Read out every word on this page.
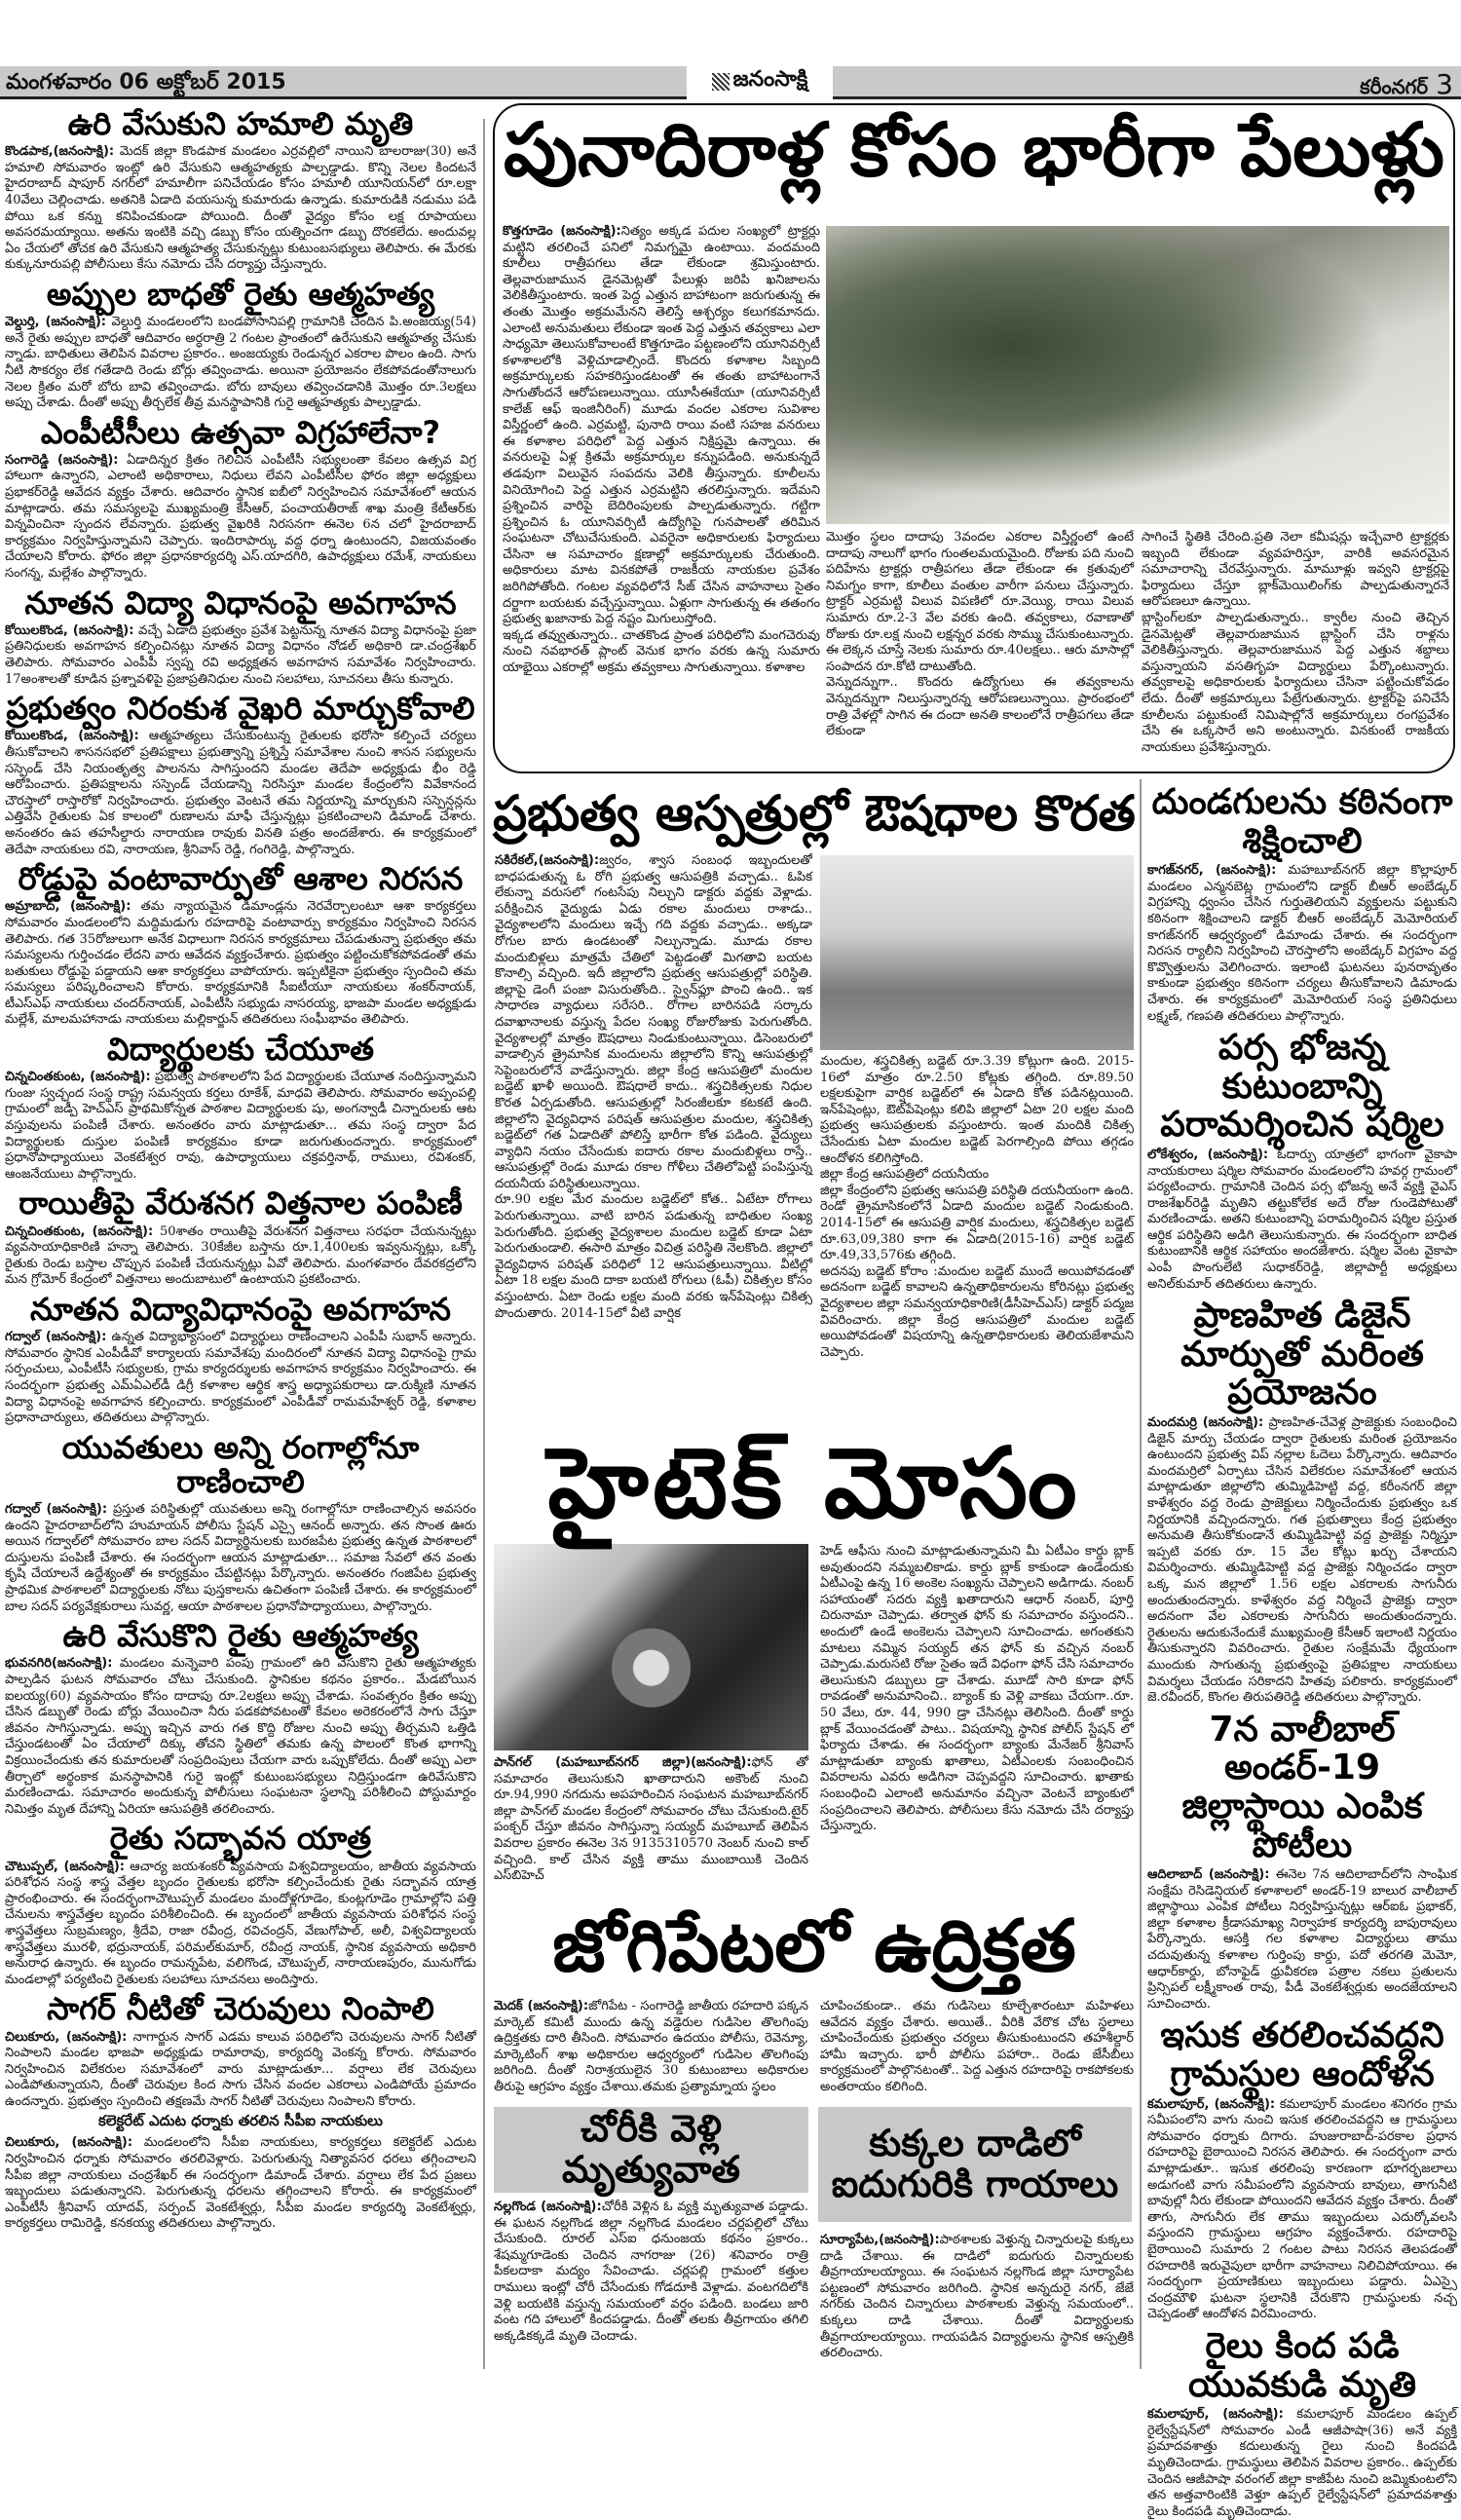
మంగళవారం 06 అక్టోబర్ 2015	జనంసాక్షి	కరీంనగర్ 3
ఉరి వేసుకుని హమాలి మృతి
కొండపాక,(జనంసాక్షి): మెదక్ జిల్లా కొండపాక మండలం ఎర్రవల్లిలో నాయిని బాలరాజు(30) అనే హమాలి సోమవారం ఇంట్లో ఉరి వేసుకుని ఆత్మహత్యకు పాల్పడ్డాడు. కొన్ని నెలల కిందటనే హైదరాబాద్ షాపూర్ నగర్‌లో హమాలీగా పనిచేయడం కోసం హమాలీ యూనియన్‌లో రూ.లక్షా 40వేలు చెల్లించాడు. అతనికి ఏడాది వయసున్న కుమారుడు ఉన్నాడు. కుమారుడికి నడుము పడి పోయి ఒక కన్ను కనిపించకుండా పోయింది. దీంతో వైద్యం కోసం లక్ష రూపాయలు అవసరమయ్యాయి. అతను ఇంటికి వచ్చి డబ్బు కోసం యత్నించగా డబ్బు దొరకలేదు. అందువల్ల ఏం చేయలో తోచక ఉరి వేసుకుని ఆత్మహత్య చేసుకున్నట్లు కుటుంబసభ్యులు తెలిపారు. ఈ మేరకు కుక్కునూరుపల్లి పోలీసులు కేసు నమోదు చేసి దర్యాప్తు చేస్తున్నారు.
అప్పుల బాధతో రైతు ఆత్మహత్య
వెల్దుర్తి, (జనంసాక్షి): వెల్దుర్తి మండలంలోని బండపోసానిపల్లి గ్రామానికి చెందిన పి.అంజయ్య(54) అనే రైతు అప్పుల బాధతో ఆదివారం అర్ధరాత్రి 2 గంటల ప్రాంతంలో ఉరేసుకుని ఆత్మహత్య చేసుకు న్నాడు. బాధితులు తెలిపిన వివరాల ప్రకారం.. అంజయ్యకు రెండున్నర ఎకరాల పొలం ఉంది. సాగు నీటి సౌకర్యం లేక గతేడాది రెండు బోర్లు తవ్వించాడు. అయినా ప్రయోజనం లేకపోవడంతోనాలుగు నెలల క్రితం మరో బోరు బావి తవ్వించాడు. బోరు బావులు తవ్వించడానికి మొత్తం రూ.3లక్షలు అప్పు చేశాడు. దీంతో అప్పు తీర్చలేక తీవ్ర మనస్థాపానికి గురై ఆత్మహత్యకు పాల్పడ్డాడు.
ఎంపీటీసీలు ఉత్సవా విగ్రహాలేనా?
సంగారెడ్డి (జనంసాక్షి): ఏడాదిన్నర క్రితం గెలిచిన ఎంపీటీసీ సభ్యులంతా కేవలం ఉత్సవ విగ్ర హాలుగా ఉన్నారని, ఎలాంటి అధికారాలు, నిధులు లేవని ఎంపీటీసీల ఫోరం జిల్లా అధ్యక్షులు ప్రభాకర్‌రెడ్డి ఆవేదన వ్యక్తం చేశారు. ఆదివారం స్థానిక ఐబీలో నిర్వహించిన సమావేశంలో ఆయన మాట్లాడారు. తమ సమస్యలపై ముఖ్యమంత్రి కేసీఆర్, పంచాయతీరాజ్ శాఖ మంత్రి కేటీఆర్‌కు విన్నవించినా స్పందన లేవన్నారు. ప్రభుత్వ వైఖరికి నిరసనగా ఈనెల 6న చలో హైదరాబాద్ కార్యక్రమం నిర్వహిస్తున్నామని చెప్పారు. ఇందిరాపార్కు వద్ద ధర్నా ఉంటుందని, విజయవంతం చేయాలని కోరారు. ఫోరం జిల్లా ప్రధానకార్యదర్శి ఎస్.యాదగిరి, ఉపాధ్యక్షులు రమేశ్, నాయకులు సంగన్న, మల్లేశం పాల్గొన్నారు.
నూతన విద్యా విధానంపై అవగాహన
కోయిలకొండ, (జనంసాక్షి): వచ్చే ఏడాది ప్రభుత్వం ప్రవేశ పెట్టనున్న నూతన విద్యా విధానంపై ప్రజా ప్రతినిధులకు అవగాహన కల్పించినట్లు నూతన విద్యా విధానం నోడల్ అధికారి డా.చంద్రశేఖర్ తెలిపారు. సోమవారం ఎంపీపీ స్వప్న రవి అధ్యక్షతన అవగాహన సమావేశం నిర్వహించారు. 17అంశాలతో కూడిన ప్రశ్నావళిపై ప్రజాప్రతినిధుల నుంచి సలహాలు, సూచనలు తీసు కున్నారు.
ప్రభుత్వం నిరంకుశ వైఖరి మార్చుకోవాలి
కోయిలకొండ, (జనంసాక్షి): ఆత్మహత్యలు చేసుకుంటున్న రైతులకు భరోసా కల్పించే చర్యలు తీసుకోవాలని శాసనసభలో ప్రతిపక్షాలు ప్రభుత్వాన్ని ప్రశ్నిస్తే సమావేశాల నుంచి శాసన సభ్యులను సస్పెండ్ చేసి నియంతృత్వ పాలనను సాగిస్తుందని మండల తెదేపా అధ్యక్షుడు భీం రెడ్డి ఆరోపించారు. ప్రతిపక్షాలను సస్పెండ్ చేయడాన్ని నిరసిస్తూ మండల కేంద్రంలోని వివేకానంద చౌరస్తాలో రాస్తారోకో నిర్వహించారు. ప్రభుత్వం వెంటనే తమ నిర్ణయాన్ని మార్చుకుని సస్పెన్షన్లను ఎత్తివేసి రైతులకు ఏక కాలంలో రుణాలను మాఫీ చేస్తున్నట్లు ప్రకటించాలని డిమాండ్ చేశారు. అనంతరం ఉప తహసీల్దారు నారాయణ రావుకు వినతి పత్రం అందజేశారు. ఈ కార్యక్రమంలో తెదేపా నాయకులు రవి, నారాయణ, శ్రీనివాస్ రెడ్డి, గంగిరెడ్డి, పాల్గొన్నారు.
రోడ్డుపై వంటావార్పుతో ఆశాల నిరసన
అమ్రాబాద్, (జనంసాక్షి): తమ న్యాయమైన డిమాండ్లను నెరవేర్చాలంటూ ఆశా కార్యకర్తలు సోమవారం మండలంలోని మద్దిమడుగు రహదారిపై వంటావార్పు కార్యక్రమం నిర్వహించి నిరసన తెలిపారు. గత 35రోజులుగా అనేక విధాలుగా నిరసన కార్యక్రమాలు చేపడుతున్నా ప్రభుత్వం తమ సమస్యలను గుర్తించడం లేదని వారు ఆవేదన వ్యక్తంచేశారు. ప్రభుత్వం పట్టించుకోకపోవడంతో తమ బతుకులు రోడ్డుపై పడ్డాయని ఆశా కార్యకర్తలు వాపోయారు. ఇప్పటికైనా ప్రభుత్వం స్పందించి తమ సమస్యలు పరిష్కరించాలని కోరారు. కార్యక్రమానికి సీఐటీయూ నాయకులు శంకర్‌నాయక్, టీఎస్‌ఎఫ్ నాయకులు చందర్‌నాయక్, ఎంపీటీసి సభ్యుడు నాసరయ్య, భాజపా మండల అధ్యక్షుడు మల్లేశ్, మాలమహానాడు నాయకులు మల్లికార్జున్ తదితరులు సంఘీభావం తెలిపారు.
విద్యార్థులకు చేయూత
చిన్నచింతకుంట, (జనంసాక్షి): ప్రభుత్వ పాఠశాలలోని పేద విద్యార్థులకు చేయూత నందిస్తున్నామని గుంజు స్వచ్ఛంద సంస్థ రాష్ట్ర సమన్వయ కర్తలు రూకేశ్, మాధవి తెలిపారు. సోమవారం అప్పంపల్లి గ్రామంలో జడ్పీ హెచ్‌ఎస్ ప్రాథమికోన్నత పాఠశాల విద్యార్థులకు షు, అంగన్వాడీ చిన్నారులకు ఆట వస్తువులను పంపిణీ చేశారు. అనంతరం వారు మాట్లాడుతూ... తమ సంస్థ ద్వారా పేద విద్యార్థులకు దుస్తుల పంపిణీ కార్యక్రమం కూడా జరుగుతుందన్నారు. కార్యక్రమంలో ప్రధానోపాధ్యాయులు వెంకటేశ్వర రావు, ఉపాధ్యాయులు చక్రవర్తినాథ్, రాములు, రవిశంకర్, ఆంజనేయులు పాల్గొన్నారు.
రాయితీపై వేరుశనగ విత్తనాల పంపిణీ
చిన్నచింతకుంట, (జనంసాక్షి): 50శాతం రాయితీపై వేరుశనగ విత్తనాలు సరఫరా చేయనున్నట్లు వ్యవసాయాధికారిణి హన్నా తెలిపారు. 30కేజీల బస్తాను రూ.1,400లకు ఇవ్వనున్నట్లు, ఒక్కో రైతుకు రెండు బస్తాల చొప్పున పంపిణీ చేయనున్నట్లు ఏవో తెలిపారు. మంగళవారం దేవరకద్రలోని మన గ్రోమోర్ కేంద్రంలో విత్తనాలు అందుబాటులో ఉంటాయని ప్రకటించారు.
నూతన విద్యావిధానంపై అవగాహన
గద్వాల్ (జనంసాక్షి): ఉన్నత విద్యాభ్యాసంలో విద్యార్థులు రాణించాలని ఎంపీపీ సుభాన్ అన్నారు. సోమవారం స్థానిక ఎంపీడీవో కార్యాలయ సమావేశపు మందిరంలో నూతన విద్యా విధానంపై గ్రామ సర్పంచులు, ఎంపీటీసీ సభ్యులకు, గ్రామ కార్యదర్శులకు అవగాహన కార్యక్రమం నిర్వహించారు. ఈ సందర్భంగా ప్రభుత్వ ఎమ్‌ఏఎల్‌డీ డిగ్రీ కళాశాల ఆర్థిక శాస్త్ర అధ్యాపకురాలు డా.రుక్మిణి నూతన విద్యా విధానంపై అవగాహన కల్పించారు. కార్యక్రమంలో ఎంపీడీవో రామమహేశ్వర్ రెడ్డి, కళాశాల ప్రధానాచార్యులు, తదితరులు పాల్గొన్నారు.
యువతులు అన్ని రంగాల్లోనూ రాణించాలి
గద్వాల్ (జనంసాక్షి): ప్రస్తుత పరిస్థితుల్లో యువతులు అన్ని రంగాల్లోనూ రాణించాల్సిన అవసరం ఉందని హైదరాబాద్‌లోని హుమాయన్ పోలీసు స్టేషన్ ఎస్సై ఆనంద్ అన్నారు. తన సొంత ఊరు అయిన గద్వాల్‌లో సోమవారం బాల సదన్ విద్యార్థినులకు బురజపేట ప్రభుత్వ ఉన్నత పాఠశాలలో దుస్తులను పంపిణీ చేశారు. ఈ సందర్భంగా ఆయన మాట్లాడుతూ... సమాజ సేవలో తన వంతు కృషి చేయాలనే ఉద్దేశ్యంతో ఈ కార్యక్రమం చేపట్టినట్లు పేర్కొన్నారు. అనంతరం గంజిపేట ప్రభుత్వ ప్రాథమిక పాఠశాలలో విద్యార్థులకు నోటు పుస్తకాలను ఉచితంగా పంపిణీ చేశారు. ఈ కార్యక్రమంలో బాల సదన్ పర్యవేక్షకురాలు సువర్ణ, ఆయా పాఠశాలల ప్రధానోపాధ్యాయులు, పాల్గొన్నారు.
ఉరి వేసుకొని రైతు ఆత్మహత్య
భువనగిరి(జనంసాక్షి): మండలం మన్నెవారి పంపు గ్రామంలో ఉరి వేసుకొని రైతు ఆత్మహత్యకు పాల్పడిన ఘటన సోమవారం చోటు చేసుకుంది. స్థానికుల కథనం ప్రకారం.. మేడబోయిన ఐలయ్య(60) వ్యవసాయం కోసం దాదాపు రూ.2లక్షలు అప్పు చేశాడు. సంవత్సరం క్రితం అప్పు చేసిన డబ్బుతో రెండు బోర్లు వేయించినా నీరు పడకపోవటంతో కేవలం అరెకరంలోనే సాగు చేస్తూ జీవనం సాగిస్తున్నాడు. అప్పు ఇచ్చిన వారు గత కొద్ది రోజుల నుంచి అప్పు తీర్చమని ఒత్తిడి చేస్తుండటంతో ఏం చేయాలో దిక్కు తోచని స్థితిలో తమకు ఉన్న పొలంలో కొంత భాగాన్ని విక్రయించేందుకు తన కుమారులతో సంప్రదింపులు చేయగా వారు ఒప్పుకోలేదు. దీంతో అప్పు ఎలా తీర్చాలో అర్థంకాక మనస్థాపానికి గురై ఇంట్లో కుటుంబసభ్యులు నిద్రిస్తుండగా ఉరివేసుకొని మరణించాడు. సమాచారం అందుకున్న పోలీసులు సంఘటనా స్థలాన్ని పరిశీలించి పోస్టుమార్టం నిమిత్తం మృత దేహాన్ని ఏరియా ఆసుపత్రికి తరలించారు.
రైతు సద్భావన యాత్ర
చౌటుప్పల్, (జనంసాక్షి): ఆచార్య జయశంకర్ వ్యవసాయ విశ్వవిద్యాలయం, జాతీయ వ్యవసాయ పరిశోధన సంస్థ శాస్త్ర వేత్తల బృందం రైతులకు భరోసా కల్పించేందుకు రైతు సద్భావన యాత్ర ప్రారంభించారు. ఈ సందర్భంగాచౌటుప్పల్ మండలం మందోళ్లగూడెం, కుంట్లగూడెం గ్రామాల్లోని పత్తి చేనులను శాస్త్రవేత్తల బృందం పరిశీలించింది. ఈ బృందంలో జాతీయ వ్యవసాయ పరిశోధన సంస్థ శాస్త్రవేత్తలు సుబ్రమణ్యం, శ్రీదేవి, రాజా రవీంద్ర, రవిచంద్రన్, వేణుగోపాల్, అలీ, విశ్వవిద్యాలయ శాస్త్రవేత్తలు మురళీ, భద్రునాయక్, పరిమల్‌కుమార్, రవీంద్ర నాయక్, స్థానిక వ్యవసాయ అధికారి అనురాధ ఉన్నారు. ఈ బృందం రామన్నపేట, వలిగొండ, చౌటుప్పల్, నారాయణపురం, మునుగోడు మండలాల్లో పర్యటించి రైతులకు సలహాలు సూచనలు అందిస్తారు.
సాగర్ నీటితో చెరువులు నింపాలి
చిలుకూరు, (జనంసాక్షి): నాగార్జున సాగర్ ఎడమ కాలువ పరిధిలోని చెరువులను సాగర్ నీటితో నింపాలని మండల భాజపా అధ్యక్షుడు రామారావు, కార్యదర్శి వెంకన్న కోరారు. సోమవారం నిర్వహించిన విలేకరుల సమావేశంలో వారు మాట్లాడుతూ... వర్షాలు లేక చెరువులు ఎండిపోతున్నాయని, దీంతో చెరువుల కింద సాగు చేసిన వందల ఎకరాలు ఎండిపోయే ప్రమాదం ఉందన్నారు. ప్రభుత్వం స్పందించి తక్షణమే సాగర్ నీటితో చెరువులు నింపాలని కోరారు.
కలెక్టరేట్ ఎదుట ధర్నాకు తరలిన సీపీఐ నాయకులు
చిలుకూరు, (జనంసాక్షి): మండలంలోని సీపీఐ నాయకులు, కార్యకర్తలు కలెక్టరేట్ ఎదుట నిర్వహించిన ధర్నాకు సోమవారం తరలివెళ్లారు. పెరుగుతున్న నిత్యావసర ధరలు తగ్గించాలని సీపీఐ జిల్లా నాయకులు చంద్రశేఖర్ ఈ సందర్భంగా డిమాండ్ చేశారు. వర్షాలు లేక పేద ప్రజలు ఇబ్బందులు పడుతున్నారని. పెరుగుతున్న ధరలను తగ్గించాలని కోరారు. ఈ కార్యక్రమంలో ఎంపీటీసీ శ్రీనివాస్ యాదవ్, సర్పంచ్ వెంకటేశ్వర్లు, సీపీఐ మండల కార్యదర్శి వెంకటేశ్వర్లు, కార్యకర్తలు రామిరెడ్డి, కనకయ్య తదితరులు పాల్గొన్నారు.
పునాదిరాళ్ల కోసం భారీగా పేలుళ్లు
కొత్తగూడెం (జనంసాక్షి):నిత్యం అక్కడ పదుల సంఖ్యలో ట్రాక్టర్లు మట్టిని తరలించే పనిలో నిమగ్నమై ఉంటాయి. వందమంది కూలీలు రాత్రీపగలు తేడా లేకుండా శ్రమిస్తుంటారు. తెల్లవారుజామున డైనమెట్లతో పేలుళ్లు జరిపి ఖనిజాలను వెలికితీస్తుంటారు. ఇంత పెద్ద ఎత్తున బాహాటంగా జరుగుతున్న ఈ తంతు మొత్తం అక్రమమేనని తెలిస్తే ఆశ్చర్యం కలుగకమానదు. ఎలాంటి అనుమతులు లేకుండా ఇంత పెద్ద ఎత్తున తవ్వకాలు ఎలా సాధ్యమో తెలుసుకోవాలంటే కొత్తగూడెం పట్టణంలోని యూనివర్సిటీ కళాశాలలోకి వెళ్లిచూడాల్సిందే. కొందరు కళాశాల సిబ్బంది అక్రమార్కులకు సహకరిస్తుండటంతో ఈ తంతు బాహాటంగానే సాగుతోందనే ఆరోపణలున్నాయి. యూసీఈకేయూ (యూనివర్సిటీ కాలేజ్ ఆఫ్ ఇంజినీరింగ్) మూడు వందల ఎకరాల సువిశాల విస్తీర్ణంలో ఉంది. ఎర్రమట్టి, పునాది రాయి వంటి సహజ వనరులు ఈ కళాశాల పరిధిలో పెద్ద ఎత్తున నిక్షిప్తమై ఉన్నాయి. ఈ వనరులపై ఏళ్ల క్రితమే అక్రమార్కుల కన్నుపడింది. అనుకున్నదే తడవుగా విలువైన సంపదను వెలికి తీస్తున్నారు. కూలీలను వినియోగించి పెద్ద ఎత్తున ఎర్రమట్టిని తరలిస్తున్నారు. ఇదేమని ప్రశ్నించిన వారిపై బెదిరింపులకు పాల్పడుతున్నారు. గట్టిగా ప్రశ్నించిన ఓ యూనివర్సిటీ ఉద్యోగిపై గునపాలతో తరిమిన సంఘటనా చోటుచేసుకుంది. ఎవరైనా అధికారులకు ఫిర్యాదులు చేసినా ఆ సమాచారం క్షణాల్లో అక్రమార్కులకు చేరుతుంది. అధికారులు మాట వినకపోతే రాజకీయ నాయకుల ప్రవేశం జరిగిపోతోంది. గంటల వ్యవధిలోనే సీజ్ చేసిన వాహనాలు సైతం దర్జాగా బయటకు వచ్చేస్తున్నాయి. ఏళ్లుగా సాగుతున్న ఈ తతంగం ప్రభుత్వ ఖజానాకు పెద్ద నష్టం మిగులుస్తోంది.
ఇక్కడ తవ్వుతున్నారు.. చాతకొండ ప్రాంత పరిధిలోని మంగచెరువు నుంచి నవభారత్ ప్లాంట్ వెనుక భాగం వరకు ఉన్న సుమారు యాభైయి ఎకరాల్లో అక్రమ తవ్వకాలు సాగుతున్నాయి. కళాశాల
మొత్తం స్థలం దాదాపు 3వందల ఎకరాల విస్తీర్ణంలో ఉంటే దాదాపు నాలుగో భాగం గుంతలమయమైంది. రోజుకు పది నుంచి పదిహేను ట్రాక్టర్లు రాత్రీపగలు తేడా లేకుండా ఈ క్రతువులో నిమగ్నం కాగా, కూలీలు వంతుల వారీగా పనులు చేస్తున్నారు. ట్రాక్టర్ ఎర్రమట్టి విలువ విపణిలో రూ.వెయ్యి, రాయి విలువ సుమారు రూ.2-3 వేల వరకు ఉంది. తవ్వకాలు, రవాణాతో రోజుకు రూ.లక్ష నుంచి లక్షన్నర వరకు సొమ్ము చేసుకుంటున్నారు. ఈ లెక్కన చూస్తే నెలకు సుమారు రూ.40లక్షలు.. ఆరు మాసాల్లో సంపాదన రూ.కోటి దాటుతోంది.
వెన్నుదన్నుగా.. కొందరు ఉద్యోగులు ఈ తవ్వకాలను వెన్నుదన్నుగా నిలుస్తున్నారన్న ఆరోపణలున్నాయి. ప్రారంభంలో రాత్రి వేళల్లో సాగిన ఈ దందా అనతి కాలంలోనే రాత్రీపగలు తేడా లేకుండా
సాగించే స్థితికి చేరింది.ప్రతి నెలా కమీషన్లు ఇచ్చేవారి ట్రాక్టర్లకు ఇబ్బంది లేకుండా వ్యవహరిస్తూ, వారికి అవసరమైన సమాచారాన్ని చేరవేస్తున్నారు. మామూళ్లు ఇవ్వని ట్రాక్టర్లపై ఫిర్యాదులు చేస్తూ బ్లాక్‌మెయిలింగ్‌కు పాల్పడుతున్నారనే ఆరోపణలూ ఉన్నాయి.
బ్లాస్టింగ్‌లకూ పాల్పడుతున్నారు.. క్వారీల నుంచి తెచ్చిన డైనమెట్లతో తెల్లవారుజామున బ్లాస్టింగ్ చేసి రాళ్లను వెలికితీస్తున్నారు. తెల్లవారుజామున పెద్ద ఎత్తున శబ్దాలు వస్తున్నాయని వసతిగృహ విద్యార్థులు పేర్కొంటున్నారు. తవ్వకాలపై అధికారులకు ఫిర్యాదులు చేసినా పట్టించుకోవడం లేదు. దీంతో అక్రమార్కులు పేట్రేగుతున్నారు. ట్రాక్టర్‌పై పనిచేసే కూలీలను పట్టుకుంటే నిమిషాల్లోనే అక్రమార్కులు రంగప్రవేశం చేసి ఈ ఒక్కసారే అని అంటున్నారు. వినకుంటే రాజకీయ నాయకులు ప్రవేశిస్తున్నారు.
ప్రభుత్వ ఆస్పత్రుల్లో ఔషధాల కొరత
సకిరేకల్,(జనంసాక్షి):జ్వరం, శ్వాస సంబంధ ఇబ్బందులతో బాధపడుతున్న ఓ రోగి ప్రభుత్వ ఆసుపత్రికి వచ్చాడు.. ఓపిక లేకున్నా వరుసలో గంటసేపు నిల్చుని డాక్టరు వద్దకు వెళ్లాడు. పరీక్షించిన వైద్యుడు ఏడు రకాల మందులు రాశాడు.. వైద్యశాలలోని మందులు ఇచ్చే గది వద్దకు వచ్చాడు.. అక్కడా రోగుల బారు ఉండటంతో నిల్చున్నాడు. మూడు రకాల మందుబిళ్లలు మాత్రమే చేతిలో పెట్టడంతో మిగతావి బయట కొనాల్సి వచ్చింది. ఇదీ జిల్లాలోని ప్రభుత్వ ఆసుపత్రుల్లో పరిస్థితి. జిల్లాపై డెంగీ పంజా విసురుతోంది.. స్వైన్‌ఫ్లూ పొంచి ఉంది.. ఇక సాధారణ వ్యాధులు సరేసరి.. రోగాల బారినపడి సర్కారు దవాఖానాలకు వస్తున్న పేదల సంఖ్య రోజురోజుకు పెరుగుతోంది. వైద్యశాలల్లో మాత్రం ఔషధాలు నిండుకుంటున్నాయి. డిసెంబరులో వాడాల్సిన త్రైమాసిక మందులను జిల్లాలోని కొన్ని ఆసుపత్రుల్లో సెప్టెంబరులోనే వాడేస్తున్నారు. జిల్లా కేంద్ర ఆసుపత్రిలో మందుల బడ్జెట్ ఖాళీ అయింది. ఔషధాలే కాదు.. శస్త్రచికిత్సలకు నిధుల కొరత ఏర్పడుతోంది. ఆసుపత్రుల్లో సిరంజీలకూ కటకటే ఉంది. జిల్లాలోని వైద్యవిధాన పరిషత్ ఆసుపత్రుల మందుల, శస్త్రచికిత్స బడ్జెట్‌లో గత ఏడాదితో పోలిస్తే భారీగా కోత పడింది. వైద్యులు వ్యాధిని నయం చేసేందుకు ఐదారు రకాల మందుబిళ్లలు రాస్తే.. ఆసుపత్రుల్లో రెండు మూడు రకాల గోళీలు చేతిలోపెట్టి పంపిస్తున్న దయనీయ పరిస్థితులున్నాయి.
రూ.90 లక్షల మేర మందుల బడ్జెట్‌లో కోత.. ఏటేటా రోగాలు పెరుగుతున్నాయి. వాటి బారిన పడుతున్న బాధితుల సంఖ్య పెరుగుతోంది. ప్రభుత్వ వైద్యశాలల మందుల బడ్జెట్ కూడా ఏటా పెరుగుతుండాలి. ఈసారి మాత్రం విచిత్ర పరిస్థితి నెలకొంది. జిల్లాలో వైద్యవిధాన పరిషత్ పరిధిలో 12 ఆసుపత్రులున్నాయి. వీటిల్లో ఏటా 18 లక్షల మంది దాకా బయటి రోగులు (ఓపీ) చికిత్సల కోసం వస్తుంటారు. ఏటా రెండు లక్షల మంది వరకు ఇన్‌పేషెంట్లు చికిత్స పొందుతారు. 2014-15లో వీటి వార్షిక
మందుల, శస్త్రచికిత్స బడ్జెట్ రూ.3.39 కోట్లుగా ఉంది. 2015-16లో మాత్రం రూ.2.50 కోట్లకు తగ్గింది. రూ.89.50 లక్షలకుపైగా వార్షిక బడ్జెట్‌లో ఈ ఏడాది కోత పడినట్లయింది. ఇన్‌పేషెంట్లు, ఔట్‌పేషెంట్లు కలిపి జిల్లాలో ఏటా 20 లక్షల మంది ప్రభుత్వ ఆసుపత్రులకు వస్తుంటారు. ఇంత మందికి చికిత్స చేసేందుకు ఏటా మందుల బడ్జెట్ పెరగాల్సింది పోయి తగ్గడం ఆందోళన కలిగిస్తోంది.
జిల్లా కేంద్ర ఆసుపత్రిలో దయనీయం
జిల్లా కేంద్రంలోని ప్రభుత్వ ఆసుపత్రి పరిస్థితి దయనీయంగా ఉంది. రెండో త్రైమాసికంలోనే ఏడాది మందుల బడ్జెట్ నిండుకుంది. 2014-15లో ఈ ఆసుపత్రి వార్షిక మందులు, శస్త్రచికిత్సల బడ్జెట్ రూ.63,09,380 కాగా ఈ ఏడాది(2015-16) వార్షిక బడ్జెట్ రూ.49,33,576కు తగ్గింది.
అదనపు బడ్జెట్ కోరాం :మందుల బడ్జెట్ ముందే అయిపోవడంతో అదనంగా బడ్జెట్ కావాలని ఉన్నతాధికారులను కోరినట్లు ప్రభుత్వ వైద్యశాలల జిల్లా సమన్వయాధికారిణి(డీసీహెచ్ఎస్) డాక్టర్ పద్మజ వివరించారు. జిల్లా కేంద్ర ఆసుపత్రిలో మందుల బడ్జెట్ అయిపోవడంతో విషయాన్ని ఉన్నతాధికారులకు తెలియజేశామని చెప్పారు.
హైటెక్ మోసం
పాన్‌గల్ (మహబూబ్‌నగర్ జిల్లా)(జనంసాక్షి):ఫోన్ తో సమాచారం తెలుసుకుని ఖాతాదారుని అకౌంట్ నుంచి రూ.94,990 నగదును అపహరించిన సంఘటన మహబూబ్‌నగర్ జిల్లా పాన్‌గల్ మండల కేంద్రంలో సోమవారం చోటు చేసుకుంది.టైర్ పంక్చర్ చేస్తూ జీవనం సాగిస్తున్నా సయ్యద్ మహబూబ్ తెలిపిన వివరాల ప్రకారం ఈనెల 3న 9135310570 నెంబర్ నుంచి కాల్ వచ్చింది. కాల్ చేసిన వ్యక్తి తాము ముంబాయికి చెందిన ఎస్‌బిహెచ్
హెడ్ ఆఫీసు నుంచి మాట్లాడుతున్నామని మీ ఏటీఎం కార్డు బ్లాక్ అవుతుందని నమ్మబలికాడు. కార్డు బ్లాక్ కాకుండా ఉండేందుకు ఏటీఎంపై ఉన్న 16 అంకెల సంఖ్యను చెప్పాలని అడిగాడు. నంబర్ సహాయంతో సదరు వ్యక్తి ఖతాదారుని ఆధార్ నంబర్, పూర్తి చిరునామా చెప్పాడు. తర్వాత ఫోన్ కు సమాచారం వస్తుందని.. అందులో ఉండే అంకెలను చెప్పాలని సూచించాడు. అగంతకుని మాటలు నమ్మిన సయ్యద్ తన ఫోన్ కు వచ్చిన నంబర్ చెప్పాడు.మరుసటి రోజు సైతం ఇదే విధంగా ఫోన్ చేసి సమాచారం తెలుసుకుని డబ్బులు డ్రా చేశాడు. మూడో సారి కూడా ఫోన్ రావడంతో అనుమానించి.. బ్యాంక్ కు వెళ్లి వాకబు చేయగా..రూ. 50 వేలు, రూ. 44, 990 డ్రా చేసినట్లు తెలిసింది. దీంతో కార్డు బ్లాక్ వేయించడంతో పాటు.. విషయాన్ని స్థానిక పోలీస్ స్టేషన్ లో ఫిర్యాదు చేశాడు. ఈ సందర్భంగా బ్యాంకు మేనేజర్ శ్రీనివాస్ మాట్లాడుతూ బ్యాంకు ఖాతాలు, ఏటీఎంలకు సంబంధించిన వివరాలను ఎవరు అడిగినా చెప్పవద్దని సూచించారు. ఖాతాకు సంబంధించి ఎలాంటి అనుమానం వచ్చినా వెంటనే బ్యాంకులో సంప్రదించాలని తెలిపారు. పోలీసులు కేసు నమోదు చేసి దర్యాప్తు చేస్తున్నారు.
జోగిపేటలో ఉద్రిక్తత
మెదక్ (జనంసాక్షి):జోగిపేట - సంగారెడ్డి జాతీయ రహదారి పక్కన మార్కెట్ కమిటీ ముందు ఉన్న వడ్డెరుల గుడిసెల తొలగింపు ఉద్రిక్తతకు దారి తీసింది. సోమవారం ఉదయం పోలీసు, రెవెన్యూ, మార్కెటింగ్ శాఖ అధికారుల ఆధ్వర్యంలో గుడిసెల తొలగింపు జరిగింది. దీంతో నిరాశ్రయులైన 30 కుటుంబాలు అధికారుల తీరుపై ఆగ్రహం వ్యక్తం చేశాయి.తమకు ప్రత్యామ్నాయ స్థలం
చూపించకుండా.. తమ గుడిసెలు కూల్చేశారంటూ మహిళలు ఆవేదన వ్యక్తం చేశారు. అయితే.. వీరికి వేరొక చోట స్థలాలు చూపించేందుకు ప్రభుత్వం చర్యలు తీసుకుంటుందని తహశీల్దార్ హామీ ఇచ్చారు. భారీ పోలీసు పహారా.. రెండు జేసీబీలు కార్యక్రమంలో పాల్గొనటంతో.. పెద్ద ఎత్తున రహదారిపై రాకపోకలకు అంతరాయం కలిగింది.
చోరీకి వెళ్లి
మృత్యువాత
నల్లగొండ (జనంసాక్షి):చోరీకి వెళ్లిన ఓ వ్యక్తి మృత్యువాత పడ్డాడు. ఈ ఘటన నల్లగొండ జిల్లా నల్లగొండ మండలం చర్లపల్లిలో చోటు చేసుకుంది. రూరల్ ఎస్ఐ ధనుంజయ కథనం ప్రకారం.. శేషమ్మగూడెంకు చెందిన నాగరాజు (26) శనివారం రాత్రి పీకలదాకా మద్యం సేవించాడు. చర్లపల్లి గ్రామంలో కత్తుల రాములు ఇంట్లో చోరీ చేసేందుకు గోడదూకి వెళ్లాడు. వంటగదిలోకి వెళ్లి బయటికి వస్తున్న సమయంలో వర్షం పడింది. బండలు జారి వంట గది హాలులో కిందపడ్డాడు. దీంతో తలకు తీవ్రగాయం తగిలి అక్కడికక్కడే మృతి చెందాడు.
కుక్కల దాడిలో
ఐదుగురికి గాయాలు
సూర్యాపేట,(జనంసాక్షి):పాఠశాలకు వెళ్తున్న చిన్నారులపై కుక్కలు దాడి చేశాయి. ఈ దాడిలో ఐదుగురు చిన్నారులకు తీవ్రగాయాలయ్యాయి. ఈ సంఘటన నల్లగొండ జిల్లా సూర్యాపేట పట్టణంలో సోమవారం జరిగింది. స్థానిక అన్నదురై నగర్, జేజే నగర్‌కు చెందిన చిన్నారులు పాఠశాలకు వెళ్తున్న సమయంలో.. కుక్కలు దాడి చేశాయి. దీంతో విద్యార్థులకు తీవ్రగాయాలయ్యాయి. గాయపడిన విద్యార్థులను స్థానిక ఆస్పత్రికి తరలించారు.
దుండగులను కఠినంగా శిక్షించాలి
కాగజ్‌నగర్, (జనంసాక్షి): మహబూబ్‌నగర్ జిల్లా కొల్లాపూర్ మండలం ఎన్మనబెట్ల గ్రామంలోని డాక్టర్ బీఆర్ అంబేడ్కర్ విగ్రహాన్ని ధ్వంసం చేసిన గుర్తుతెలియని వ్యక్తులను పట్టుకుని కఠినంగా శిక్షించాలని డాక్టర్ బీఆర్ అంబేడ్కర్ మెమోరియల్ కాగజ్‌నగర్ ఆధ్వర్యంలో డిమాండు చేశారు. ఈ సందర్భంగా నిరసన ర్యాలీని నిర్వహించి చౌరస్తాలోని అంబేడ్కర్ విగ్రహం వద్ద కొవ్వొత్తులను వెలిగించారు. ఇలాంటి ఘటనలు పునరావృతం కాకుండా ప్రభుత్వం కఠినంగా చర్యలు తీసుకోవాలని డిమాండు చేశారు. ఈ కార్యక్రమంలో మెమోరియల్ సంస్థ ప్రతినిధులు లక్ష్మణ్, గణపతి తదితరులు పాల్గొన్నారు.
పర్స భోజన్న కుటుంబాన్ని పరామర్శించిన షర్మిల
లోకేశ్వరం, (జనంసాక్షి): ఓదార్పు యాత్రలో భాగంగా వైకాపా నాయకురాలు షర్మిల సోమవారం మండలంలోని హవర్గ గ్రామంలో పర్యటించారు. గ్రామానికి చెందిన పర్స భోజన్న అనే వ్యక్తి వైఎస్ రాజశేఖర్‌రెడ్డి మృతిని తట్టుకోలేక అదే రోజు గుండెపోటుతో మరణించాడు. అతని కుటుంబాన్ని పరామర్శించిన షర్మిల ప్రస్తుత ఆర్థిక పరిస్థితిని అడిగి తెలుసుకున్నారు. ఈ సందర్భంగా బాధిత కుటుంబానికి ఆర్థిక సహాయం అందజేశారు. షర్మిల వెంట వైకాపా ఎంపీ పొంగులేటి సుధాకర్‌రెడ్డి, జిల్లాపార్టీ అధ్యక్షులు అనిల్‌కుమార్ తదితరులు ఉన్నారు.
ప్రాణహిత డిజైన్ మార్పుతో మరింత ప్రయోజనం
మందమర్రి (జనంసాక్షి): ప్రాణహిత-చేవెళ్ల ప్రాజెక్టుకు సంబంధించి డిజైన్ మార్పు చేయడం ద్వారా రైతులకు మరింత ప్రయోజనం ఉంటుందని ప్రభుత్వ విప్ నల్లాల ఓదెలు పేర్కొన్నారు. ఆదివారం మందమర్రిలో ఏర్పాటు చేసిన విలేకరుల సమావేశంలో ఆయన మాట్లాడుతూ జిల్లాలోని తుమ్మిడిహెట్టి వద్ద, కరీంనగర్ జిల్లా కాళేశ్వరం వద్ద రెండు ప్రాజెక్టులు నిర్మించేందుకు ప్రభుత్వం ఒక నిర్ణయానికి వచ్చిందన్నారు. గత ప్రభుత్వాలు కేంద్ర ప్రభుత్వం అనుమతి తీసుకోకుండానే తుమ్మిడిహెట్టి వద్ద ప్రాజెక్టు నిర్మిస్తూ ఇప్పటి వరకు రూ. 15 వేల కోట్లు ఖర్చు చేశాయని విమర్శించారు. తుమ్మిడిహెట్టి వద్ద ప్రాజెక్టు నిర్మించడం ద్వారా ఒక్క మన జిల్లాలో 1.56 లక్షల ఎకరాలకు సాగునీరు అందుతుందన్నారు. కాళేశ్వరం వద్ద నిర్మించే ప్రాజెక్టు ద్వారా అదనంగా వేల ఎకరాలకు సాగునీరు అందుతుందన్నారు. రైతులను ఆదుకునేందుకే ముఖ్యమంత్రి కేసీఆర్ ఇలాంటి నిర్ణయం తీసుకున్నారని వివరించారు. రైతుల సంక్షేమమే ధ్యేయంగా ముందుకు సాగుతున్న ప్రభుత్వంపై ప్రతిపక్షాల నాయకులు విమర్శలు చేయడం సరికాదని హితవు పలికారు. కార్యక్రమంలో జె.రవీందర్, కొంగల తిరుపతిరెడ్డి తదితరులు పాల్గొన్నారు.
7న వాలీబాల్ అండర్-19 జిల్లాస్థాయి ఎంపిక పోటీలు
ఆదిలాబాద్ (జనంసాక్షి): ఈనెల 7న ఆదిలాబాద్‌లోని సాంఘిక సంక్షేమ రెసిడెన్షియల్ కళాశాలలో అండర్-19 బాలుర వాలీబాల్ జిల్లాస్థాయి ఎంపిక పోటీలు నిర్వహిస్తున్నట్లు ఆర్ఐఓ ప్రభాకర్, జిల్లా కళాశాల క్రీడాసమాఖ్య నిర్వాహక కార్యదర్శి బాపురావులు పేర్కొన్నారు. ఆసక్తి గల కళాశాల విద్యార్థులు తాము చదువుతున్న కళాశాల గుర్తింపు కార్డు, పదో తరగతి మెమో, ఆధార్‌కార్డు, బోనాఫైడ్ ధ్రువీకరణ పత్రాల నకలు ప్రతులను ప్రిన్సిపల్ లక్ష్మీకాంత రావు, పీడీ వెంకటేశ్వర్లుకు అందజేయాలని సూచించారు.
ఇసుక తరలించవద్దని గ్రామస్థుల ఆందోళన
కమలాపూర్, (జనంసాక్షి): కమలాపూర్ మండలం శనిగరం గ్రామ సమీపంలోని వాగు నుంచి ఇసుక తరలించవద్దని ఆ గ్రామస్థులు సోమవారం ధర్నాకు దిగారు. హుజురాబాద్-పరకాల ప్రధాన రహదారిపై బైఠాయించి నిరసన తెలిపారు. ఈ సందర్భంగా వారు మాట్లాడుతూ.. ఇసుక తరలింపు కారణంగా భూగర్భజలాలు అడుగంటి వాగు సమీపంలోని వ్యవసాయ బావులు, తాగునీటి బావుల్లో నీరు లేకుండా పోయిందని ఆవేదన వ్యక్తం చేశారు. దీంతో తాగు, సాగునీరు లేక తాము ఇబ్బందులు ఎదుర్కోవలసి వస్తుందని గ్రామస్థులు ఆగ్రహం వ్యక్తంచేశారు. రహదారిపై బైఠాయించి సుమారు 2 గంటల పాటు నిరసన తెలపడంతో రహదారికి ఇరువైపులా భారీగా వాహనాలు నిలిచిపోయాయి. ఈ సందర్భంగా ప్రయాణికులు ఇబ్బందులు పడ్డారు. ఏఎస్సై చంద్రమౌళి ఘటనా స్థలానికి చేరుకొని గ్రామస్థులకు నచ్చ చెప్పడంతో ఆందోళన విరమించారు.
రైలు కింద పడి యువకుడి మృతి
కమలాపూర్, (జనంసాక్షి): కమలాపూర్ మండలం ఉప్పల్ రైల్వేస్టేషన్‌లో సోమవారం ఎండీ ఆజీపాషా(36) అనే వ్యక్తి ప్రమాదవశాత్తు కదులుతున్న రైలు నుంచి కిందపడి మృతిచెందాడు. గ్రామస్థులు తెలిపిన వివరాల ప్రకారం.. ఉప్పల్‌కు చెందిన ఆజీపాషా వరంగల్ జిల్లా కాజీపేట నుంచి జమ్మికుంటలోని తన అత్తవారింటికి వెళ్తూ ఉప్పల్ రైల్వేస్టేషన్‌లో ప్రమాదవశాత్తు రైలు కిందపడి మృతిచెందాడు.
